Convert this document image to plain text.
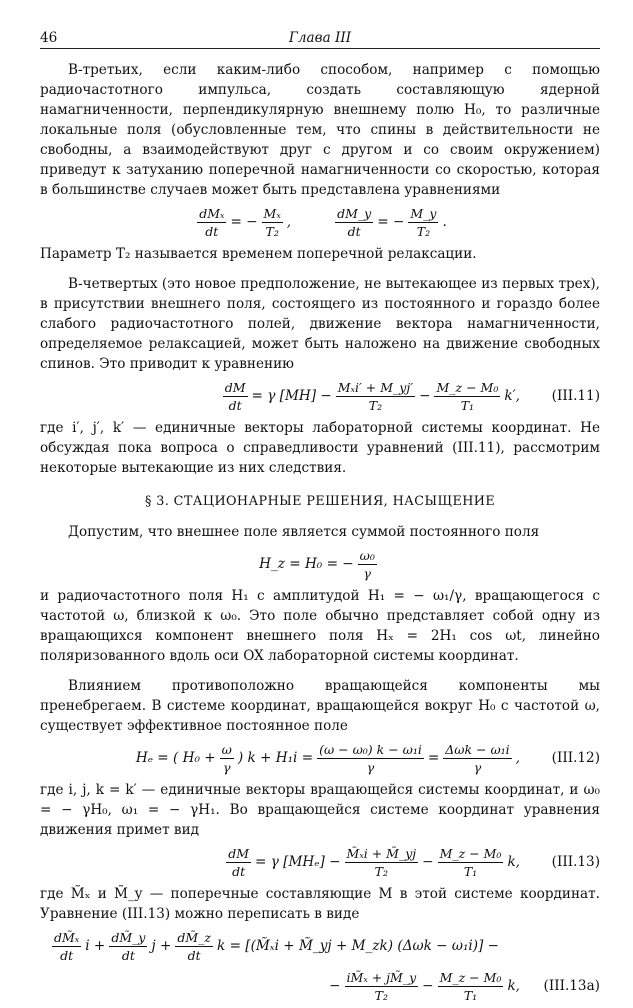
46	Глава III

В-третьих, если каким-либо способом, например с помощью радиочастотного импульса, создать составляющую ядерной намагниченности, перпендикулярную внешнему полю H₀, то различные локальные поля (обусловленные тем, что спины в действительности не свободны, а взаимодействуют друг с другом и со своим окружением) приведут к затуханию поперечной намагниченности со скоростью, которая в большинстве случаев может быть представлена уравнениями

$\frac{\text{dMₓ}}{dt}$ = − $\frac{\text{Mₓ}}{\text{T₂}}$ ,	$\frac{dM\_y}{dt}$ = − $\frac{M\_y}{\text{T₂}}$ .

Параметр T₂ называется временем поперечной релаксации.

В-четвертых (это новое предположение, не вытекающее из первых трех), в присутствии внешнего поля, состоящего из постоянного и гораздо более слабого радиочастотного полей, движение вектора намагниченности, определяемое релаксацией, может быть наложено на движение свободных спинов. Это приводит к уравнению

$\frac{dM}{dt} = \gamma$ $[MH] - \frac{\text{Mₓi′ + M\_yj′}}{\text{T₂}} - \frac{\text{M\_z − M₀}}{\text{T₁}} k'$, (III.11)

где i′, j′, k′ — единичные векторы лабораторной системы координат. Не обсуждая пока вопроса о справедливости уравнений (III.11), рассмотрим некоторые вытекающие из них следствия.

§ 3. СТАЦИОНАРНЫЕ РЕШЕНИЯ, НАСЫЩЕНИЕ

Допустим, что внешнее поле является суммой постоянного поля

H_z = H₀ = − $\frac{\text{ω₀}}{\gamma}$

и радиочастотного поля H₁ с амплитудой H₁ = − ω₁/γ, вращающегося с частотой ω, близкой к ω₀. Это поле обычно представляет собой одну из вращающихся компонент внешнего поля Hₓ = 2H₁ cos ωt, линейно поляризованного вдоль оси OX лабораторной системы координат.

Влиянием противоположно вращающейся компоненты мы пренебрегаем. В системе координат, вращающейся вокруг H₀ с частотой ω, существует эффективное постоянное поле

Hₑ = ( $H_0 + \frac{\omega}{\gamma}$ ) $k + H_1i = \frac{\text{(ω − ω₀) k − ω₁i}}{\gamma} = \frac{\text{Δωk − ω₁i}}{\gamma}$ , (III.12)

где i, j, k = k′ — единичные векторы вращающейся системы координат, и ω₀ = − γH₀, ω₁ = − γH₁. Во вращающейся системе координат уравнения движения примет вид

$\frac{dM}{dt} = \gamma$ $[MH_e] - \frac{\text{M̃ₓi + M̃\_yj}}{\text{T₂}} - \frac{\text{M\_z − M₀}}{\text{T₁}} k$, (III.13)

где M̃ₓ и M̃_y — поперечные составляющие M в этой системе координат. Уравнение (III.13) можно переписать в виде

$\frac{\text{dM̃ₓ}}{dt}$ $i + \frac{dM̃\_y}{dt}$ $j + \frac{dM̃\_z}{dt}$ k = [(M̃ₓi + M̃_yj + M_zk) (Δωk − ω₁i)] −
− $\frac{\text{iM̃ₓ + jM̃\_y}}{\text{T₂}} - \frac{\text{M\_z − M₀}}{\text{T₁}} k$, (III.13a)
